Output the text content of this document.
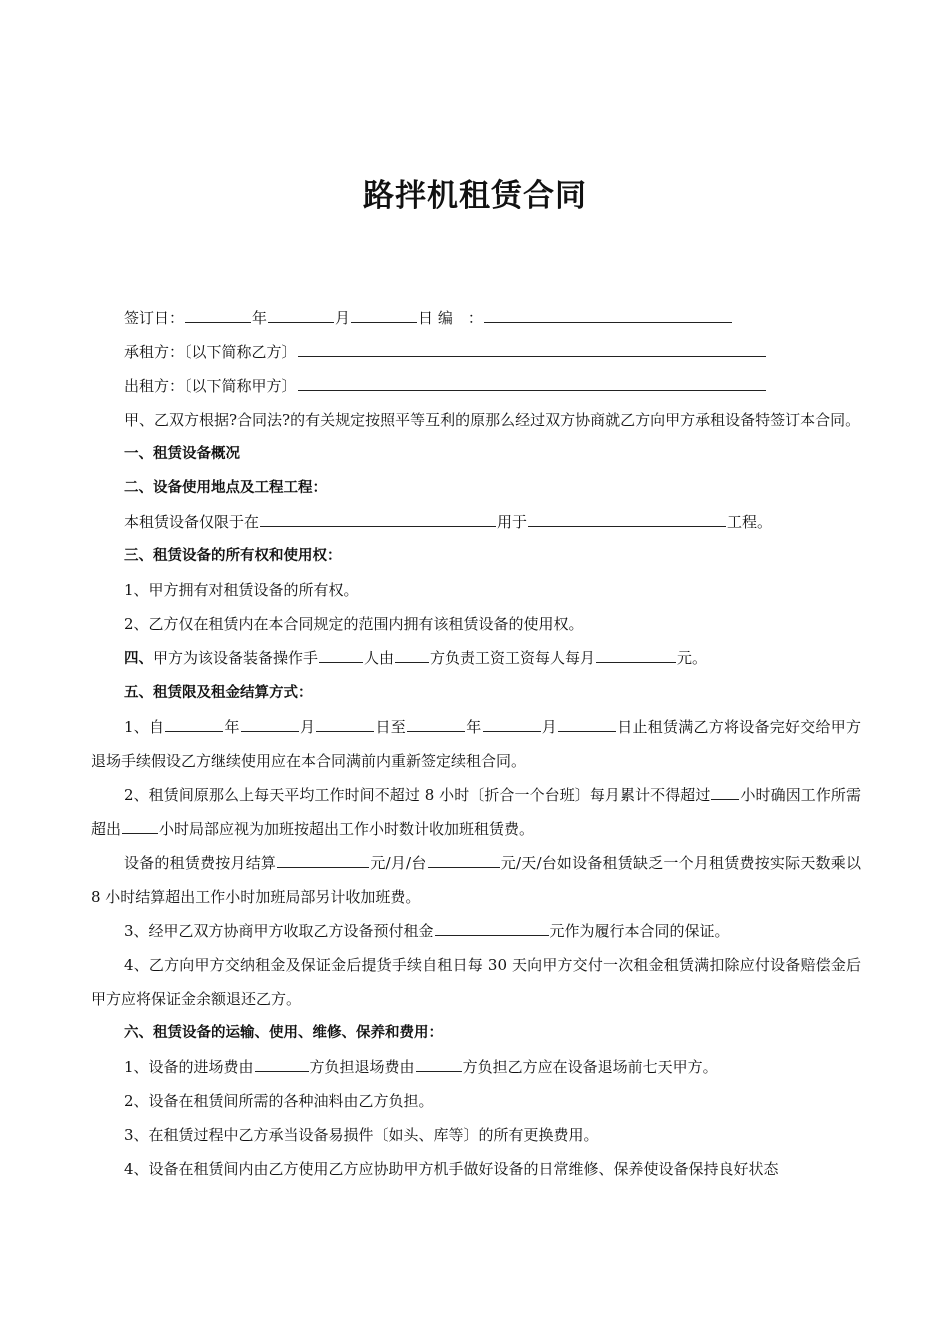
路拌机租赁合同

签订日：	年	月	日 编　：

承租方：〔以下简称乙方〕

出租方：〔以下简称甲方〕

甲、乙双方根据?合同法?的有关规定按照平等互利的原那么经过双方协商就乙方向甲方承租设备特签订本合同。

一、租赁设备概况

二、设备使用地点及工程工程：

本租赁设备仅限于在	用于	工程。

三、租赁设备的所有权和使用权：

1、甲方拥有对租赁设备的所有权。

2、乙方仅在租赁内在本合同规定的范围内拥有该租赁设备的使用权。

四、甲方为该设备装备操作手	人由 方负责工资工资每人每月	元。

五、租赁限及租金结算方式：

1、自	年	月	日至	年	月	日止租赁满乙方将设备完好交给甲方退场手续假设乙方继续使用应在本合同满前内重新签定续租合同。

2、租赁间原那么上每天平均工作时间不超过 8 小时〔折合一个台班〕每月累计不得超过 小时确因工作所需超出	小时局部应视为加班按超出工作小时数计收加班租赁费。

设备的租赁费按月结算	元/月/台	元/天/台如设备租赁缺乏一个月租赁费按实际天数乘以 8 小时结算超出工作小时加班局部另计收加班费。

3、经甲乙双方协商甲方收取乙方设备预付租金	元作为履行本合同的保证。

4、乙方向甲方交纳租金及保证金后提货手续自租日每 30 天向甲方交付一次租金租赁满扣除应付设备赔偿金后甲方应将保证金余额退还乙方。

六、租赁设备的运输、使用、维修、保养和费用：

1、设备的进场费由	方负担退场费由	方负担乙方应在设备退场前七天甲方。

2、设备在租赁间所需的各种油料由乙方负担。

3、在租赁过程中乙方承当设备易损件〔如头、库等〕的所有更换费用。

4、设备在租赁间内由乙方使用乙方应协助甲方机手做好设备的日常维修、保养使设备保持良好状态
